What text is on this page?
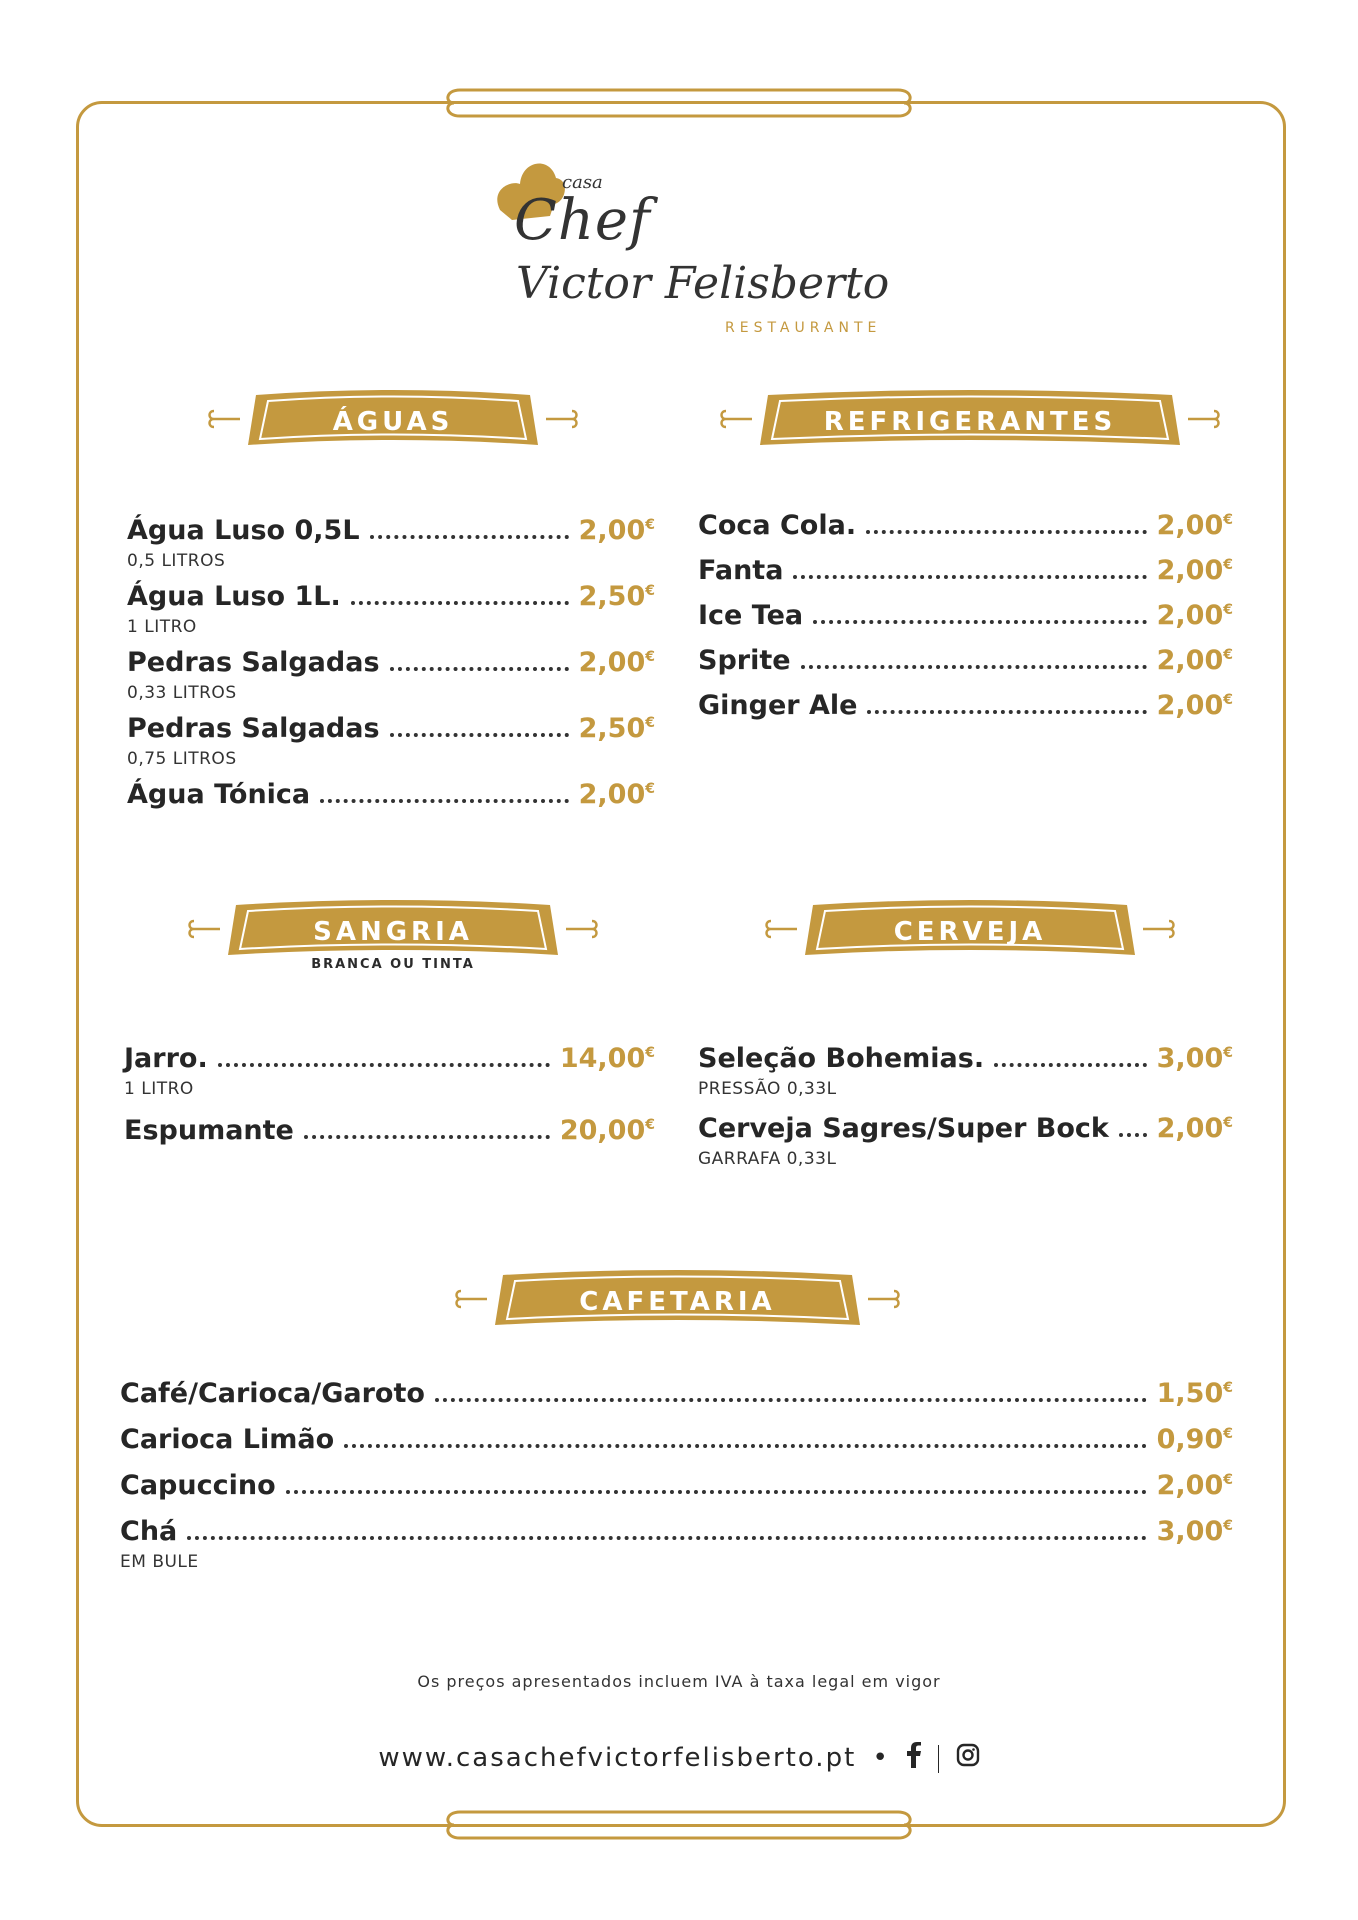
casa
Chef
Victor Felisberto
RESTAURANTE
ÁGUAS	REFRIGERANTES
SANGRIA
BRANCA OU TINTA
CERVEJA
CAFETARIA
Água Luso 0,5L	2,00€
0,5 LITROS
Água Luso 1L.	2,50€
1 LITRO
Pedras Salgadas	2,00€
0,33 LITROS
Pedras Salgadas	2,50€
0,75 LITROS
Água Tónica	2,00€
Coca Cola.	2,00€
Fanta	2,00€
Ice Tea	2,00€
Sprite	2,00€
Ginger Ale	2,00€
Jarro.	14,00€
1 LITRO
Espumante	20,00€
Seleção Bohemias.	3,00€
PRESSÃO 0,33L
Cerveja Sagres/Super Bock 2,00€
GARRAFA 0,33L
Café/Carioca/Garoto	1,50€
Carioca Limão	0,90€
Capuccino	2,00€
Chá	3,00€
EM BULE
Os preços apresentados incluem IVA à taxa legal em vigor
www.casachefvictorfelisberto.pt •
